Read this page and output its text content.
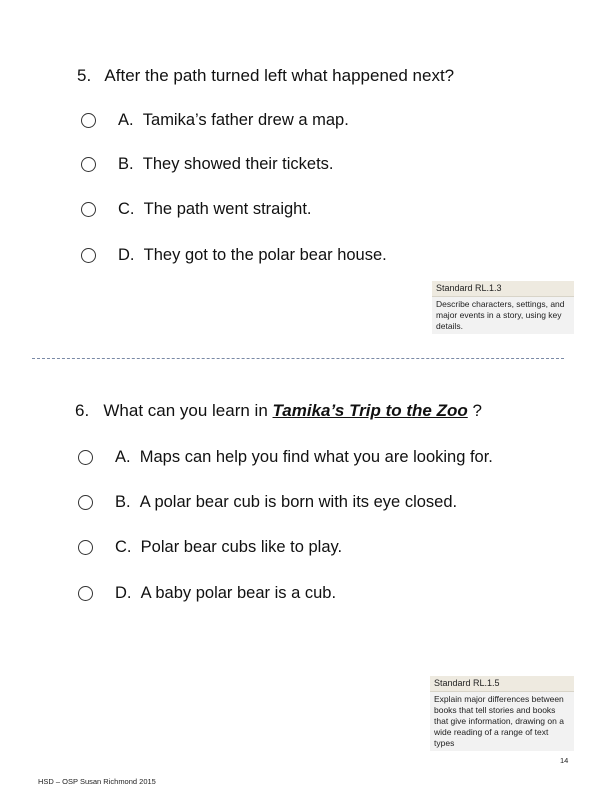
5. After the path turned left what happened next?
A. Tamika’s father drew a map.
B. They showed their tickets.
C. The path went straight.
D. They got to the polar bear house.
Standard RL.1.3
Describe characters, settings, and major events in a story, using key details.
6. What can you learn in Tamika’s Trip to the Zoo ?
A. Maps can help you find what you are looking for.
B. A polar bear cub is born with its eye closed.
C. Polar bear cubs like to play.
D. A baby polar bear is a cub.
Standard RL.1.5
Explain major differences between books that tell stories and books that give information, drawing on a wide reading of a range of text types
14
HSD – OSP Susan Richmond 2015
